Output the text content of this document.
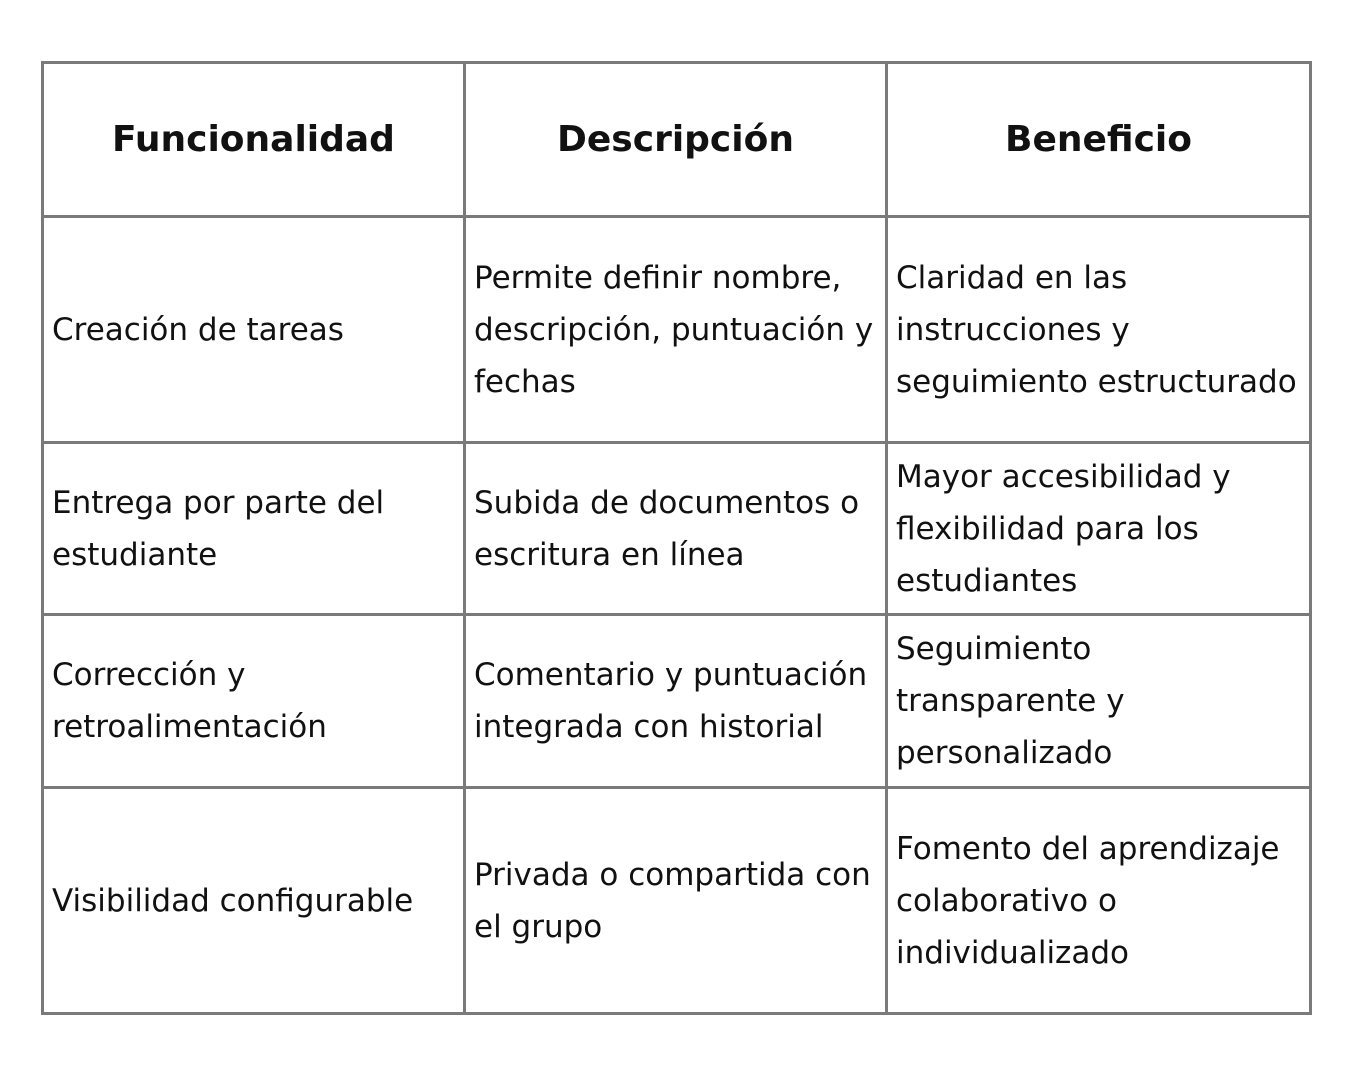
Funcionalidad	Descripción	Beneficio
Creación de tareas	Permite definir nombre, descripción, puntuación y fechas	Claridad en las instrucciones y seguimiento estructurado
Entrega por parte del estudiante	Subida de documentos o escritura en línea	Mayor accesibilidad y flexibilidad para los estudiantes
Corrección y retroalimentación	Comentario y puntuación integrada con historial	Seguimiento transparente y personalizado
Visibilidad configurable	Privada o compartida con el grupo	Fomento del aprendizaje colaborativo o individualizado
